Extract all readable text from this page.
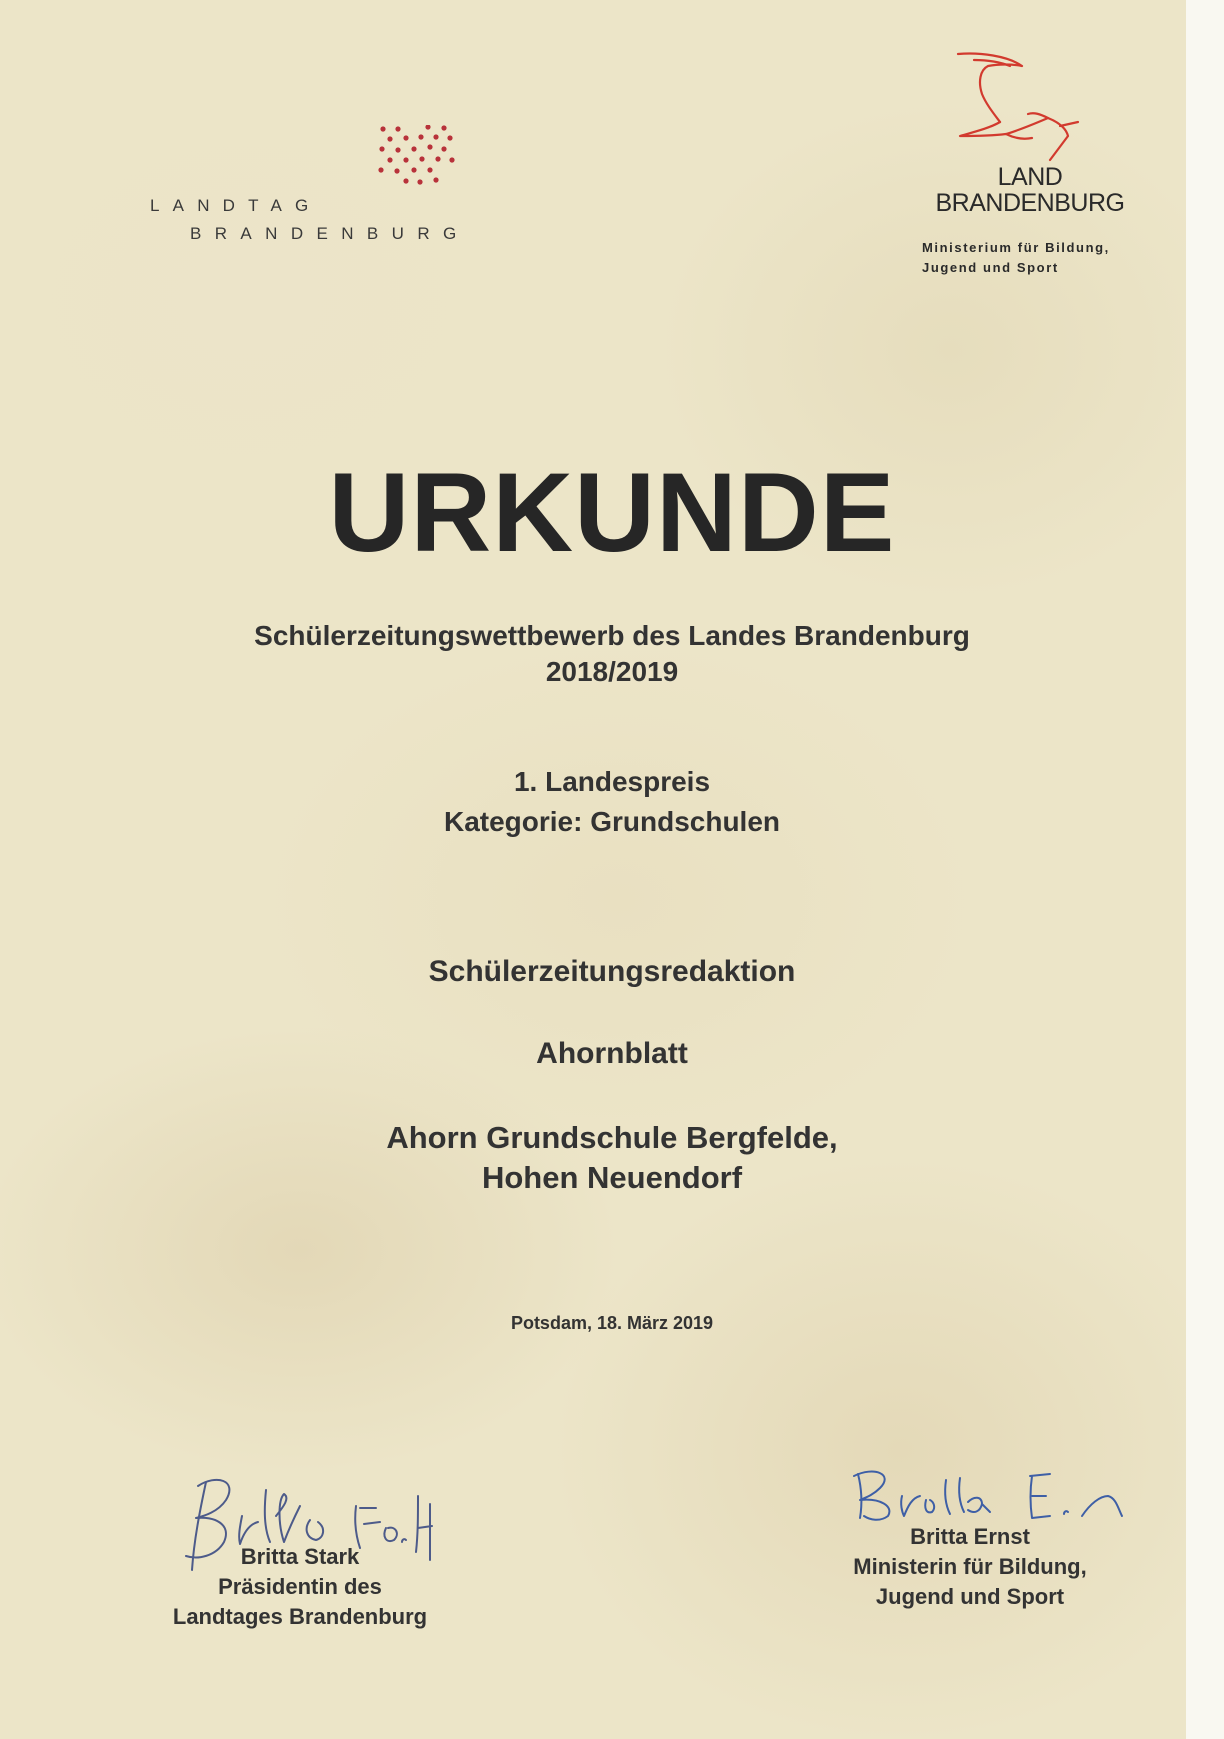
LANDTAG
BRANDENBURG
LAND
BRANDENBURG
Ministerium für Bildung,
Jugend und Sport
URKUNDE
Schülerzeitungswettbewerb des Landes Brandenburg
2018/2019
1. Landespreis
Kategorie: Grundschulen
Schülerzeitungsredaktion
Ahornblatt
Ahorn Grundschule Bergfelde,
Hohen Neuendorf
Potsdam, 18. März 2019
Britta Stark
Präsidentin des
Landtages Brandenburg
Britta Ernst
Ministerin für Bildung,
Jugend und Sport
